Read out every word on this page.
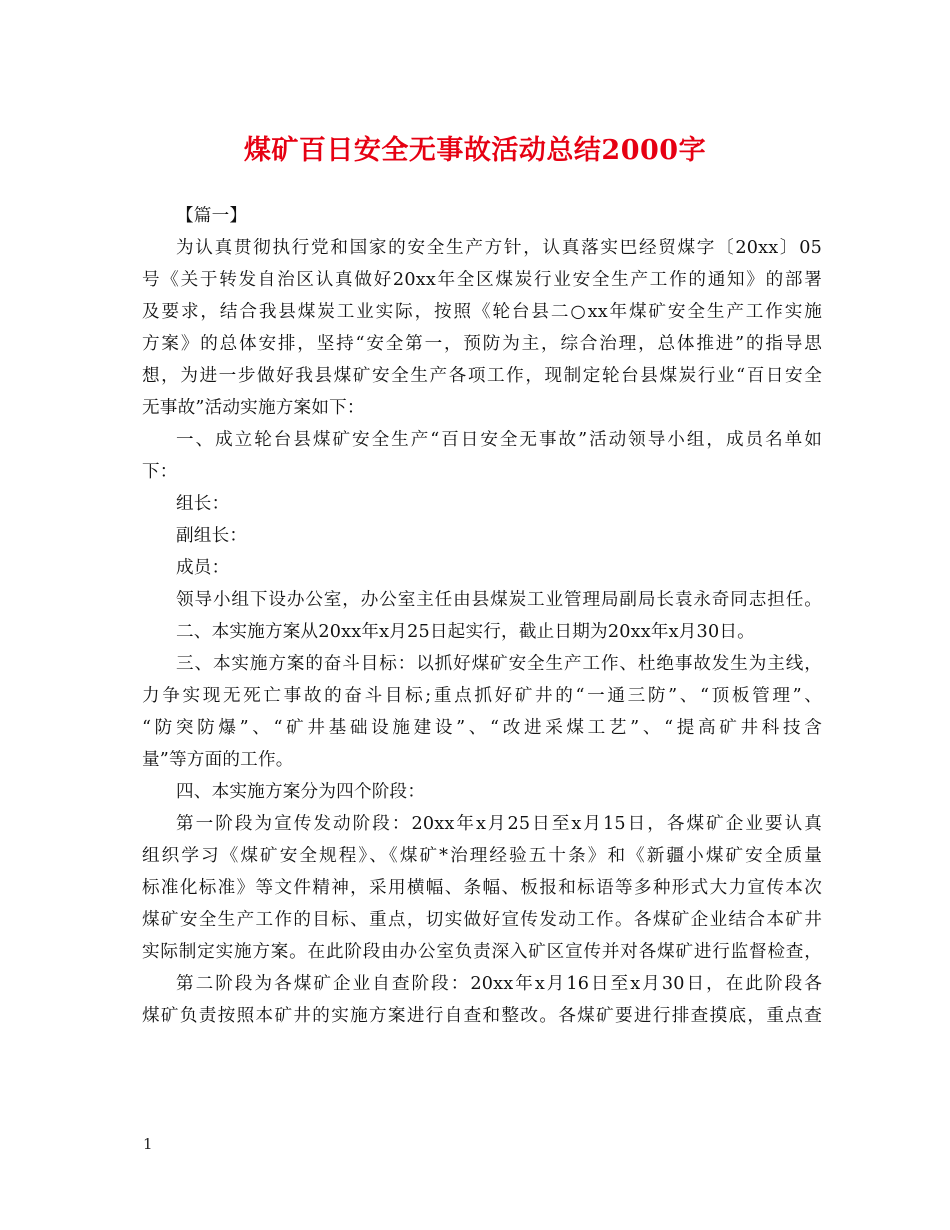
煤矿百日安全无事故活动总结2000字
【篇一】
为认真贯彻执行党和国家的安全生产方针，认真落实巴经贸煤字〔20xx〕05
号《关于转发自治区认真做好20xx年全区煤炭行业安全生产工作的通知》的部署
及要求，结合我县煤炭工业实际，按照《轮台县二○xx年煤矿安全生产工作实施
方案》的总体安排，坚持“安全第一，预防为主，综合治理，总体推进”的指导思
想，为进一步做好我县煤矿安全生产各项工作，现制定轮台县煤炭行业“百日安全
无事故”活动实施方案如下：
一、成立轮台县煤矿安全生产“百日安全无事故”活动领导小组，成员名单如
下：
组长：
副组长：
成员：
领导小组下设办公室，办公室主任由县煤炭工业管理局副局长袁永奇同志担任。
二、本实施方案从20xx年x月25日起实行，截止日期为20xx年x月30日。
三、本实施方案的奋斗目标：以抓好煤矿安全生产工作、杜绝事故发生为主线，
力争实现无死亡事故的奋斗目标;重点抓好矿井的“一通三防”、“顶板管理”、
“防突防爆”、“矿井基础设施建设”、“改进采煤工艺”、“提高矿井科技含
量”等方面的工作。
四、本实施方案分为四个阶段：
第一阶段为宣传发动阶段：20xx年x月25日至x月15日，各煤矿企业要认真
组织学习《煤矿安全规程》、《煤矿*治理经验五十条》和《新疆小煤矿安全质量
标准化标准》等文件精神，采用横幅、条幅、板报和标语等多种形式大力宣传本次
煤矿安全生产工作的目标、重点，切实做好宣传发动工作。各煤矿企业结合本矿井
实际制定实施方案。在此阶段由办公室负责深入矿区宣传并对各煤矿进行监督检查，
第二阶段为各煤矿企业自查阶段：20xx年x月16日至x月30日，在此阶段各
煤矿负责按照本矿井的实施方案进行自查和整改。各煤矿要进行排查摸底，重点查
1
